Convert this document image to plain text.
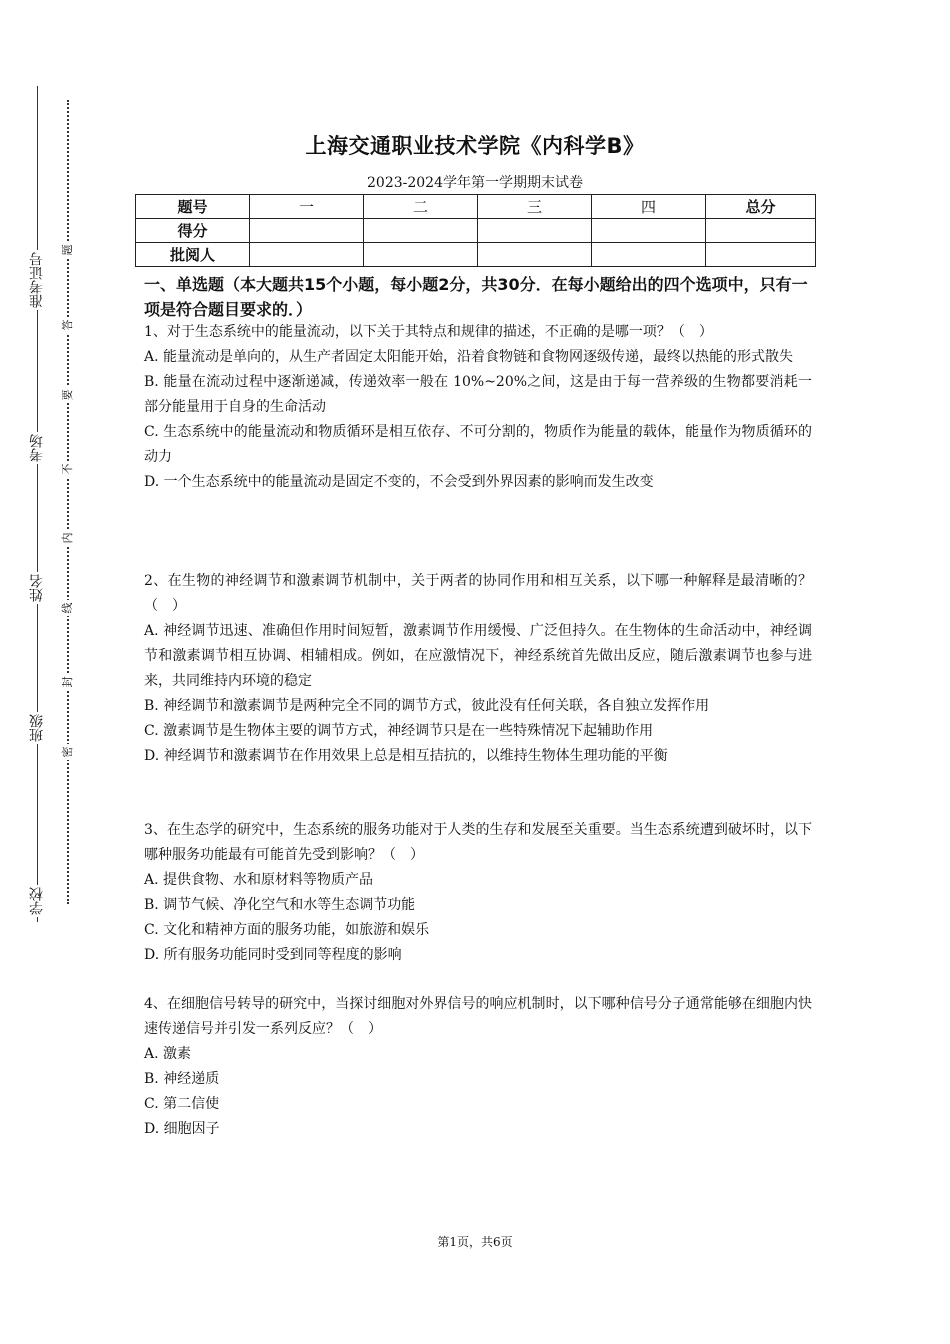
准考证号
考场
姓名
班级
学校
题
答
要
不
内
线
封
密
上海交通职业技术学院《内科学B》
2023-2024学年第一学期期末试卷
题号	一	二	三	四	总分
得分					
批阅人					
一、单选题（本大题共15个小题，每小题2分，共30分．在每小题给出的四个选项中，只有一项是符合题目要求的．）

1、对于生态系统中的能量流动，以下关于其特点和规律的描述，不正确的是哪一项？（　）

A. 能量流动是单向的，从生产者固定太阳能开始，沿着食物链和食物网逐级传递，最终以热能的形式散失

B. 能量在流动过程中逐渐递减，传递效率一般在 10%~20%之间，这是由于每一营养级的生物都要消耗一部分能量用于自身的生命活动

C. 生态系统中的能量流动和物质循环是相互依存、不可分割的，物质作为能量的载体，能量作为物质循环的动力

D. 一个生态系统中的能量流动是固定不变的，不会受到外界因素的影响而发生改变

2、在生物的神经调节和激素调节机制中，关于两者的协同作用和相互关系，以下哪一种解释是最清晰的？（　）

A. 神经调节迅速、准确但作用时间短暂，激素调节作用缓慢、广泛但持久。在生物体的生命活动中，神经调节和激素调节相互协调、相辅相成。例如，在应激情况下，神经系统首先做出反应，随后激素调节也参与进来，共同维持内环境的稳定

B. 神经调节和激素调节是两种完全不同的调节方式，彼此没有任何关联，各自独立发挥作用

C. 激素调节是生物体主要的调节方式，神经调节只是在一些特殊情况下起辅助作用

D. 神经调节和激素调节在作用效果上总是相互拮抗的，以维持生物体生理功能的平衡

3、在生态学的研究中，生态系统的服务功能对于人类的生存和发展至关重要。当生态系统遭到破坏时，以下哪种服务功能最有可能首先受到影响？（　）

A. 提供食物、水和原材料等物质产品

B. 调节气候、净化空气和水等生态调节功能

C. 文化和精神方面的服务功能，如旅游和娱乐

D. 所有服务功能同时受到同等程度的影响

4、在细胞信号转导的研究中，当探讨细胞对外界信号的响应机制时，以下哪种信号分子通常能够在细胞内快速传递信号并引发一系列反应？（　）

A. 激素

B. 神经递质

C. 第二信使

D. 细胞因子

第1页，共6页
